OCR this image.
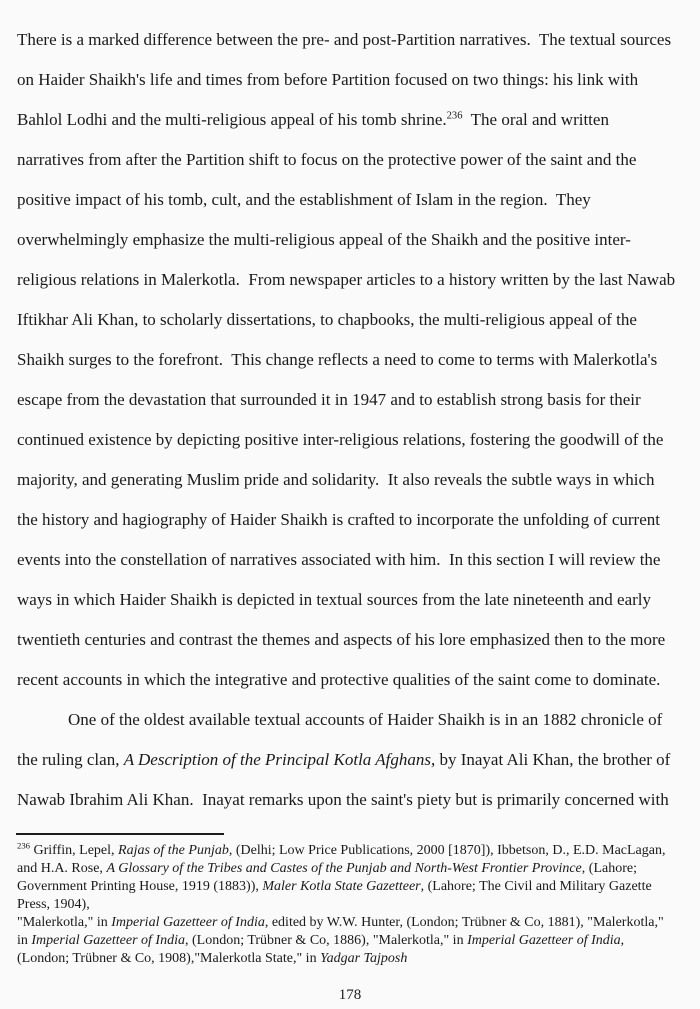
There is a marked difference between the pre- and post-Partition narratives.  The textual sources
on Haider Shaikh's life and times from before Partition focused on two things: his link with
Bahlol Lodhi and the multi-religious appeal of his tomb shrine.$^{236}$  The oral and written
narratives from after the Partition shift to focus on the protective power of the saint and the
positive impact of his tomb, cult, and the establishment of Islam in the region.  They
overwhelmingly emphasize the multi-religious appeal of the Shaikh and the positive inter-
religious relations in Malerkotla.  From newspaper articles to a history written by the last Nawab
Iftikhar Ali Khan, to scholarly dissertations, to chapbooks, the multi-religious appeal of the
Shaikh surges to the forefront.  This change reflects a need to come to terms with Malerkotla's
escape from the devastation that surrounded it in 1947 and to establish strong basis for their
continued existence by depicting positive inter-religious relations, fostering the goodwill of the
majority, and generating Muslim pride and solidarity.  It also reveals the subtle ways in which
the history and hagiography of Haider Shaikh is crafted to incorporate the unfolding of current
events into the constellation of narratives associated with him.  In this section I will review the
ways in which Haider Shaikh is depicted in textual sources from the late nineteenth and early
twentieth centuries and contrast the themes and aspects of his lore emphasized then to the more
recent accounts in which the integrative and protective qualities of the saint come to dominate.
One of the oldest available textual accounts of Haider Shaikh is in an 1882 chronicle of
the ruling clan, A Description of the Principal Kotla Afghans, by Inayat Ali Khan, the brother of
Nawab Ibrahim Ali Khan.  Inayat remarks upon the saint's piety but is primarily concerned with
$^{236}$ Griffin, Lepel, Rajas of the Punjab, (Delhi; Low Price Publications, 2000 [1870]), Ibbetson, D., E.D. MacLagan,
and H.A. Rose, A Glossary of the Tribes and Castes of the Punjab and North-West Frontier Province, (Lahore;
Government Printing House, 1919 (1883)), Maler Kotla State Gazetteer, (Lahore; The Civil and Military Gazette
Press, 1904),
"Malerkotla," in Imperial Gazetteer of India, edited by W.W. Hunter, (London; Trübner & Co, 1881), "Malerkotla,"
in Imperial Gazetteer of India, (London; Trübner & Co, 1886), "Malerkotla," in Imperial Gazetteer of India,
(London; Trübner & Co, 1908),"Malerkotla State," in Yadgar Tajposh
178
